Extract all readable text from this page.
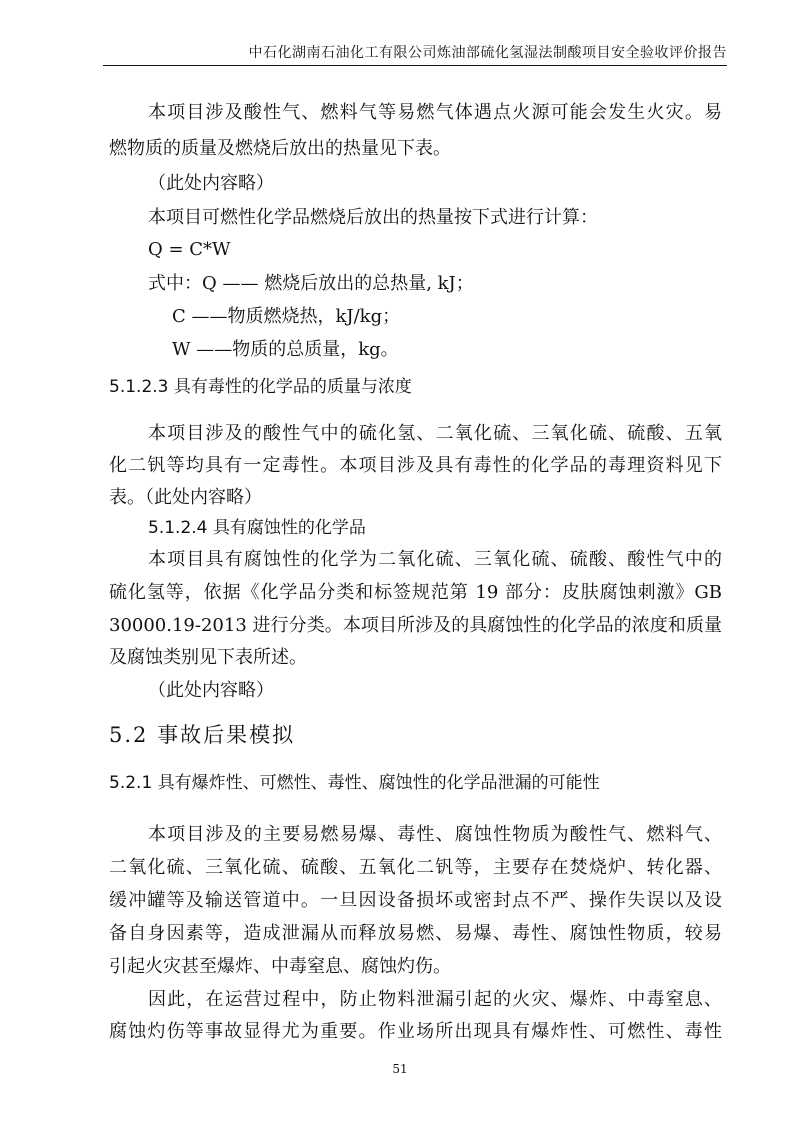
中石化湖南石油化工有限公司炼油部硫化氢湿法制酸项目安全验收评价报告
本项目涉及酸性气、燃料气等易燃气体遇点火源可能会发生火灾。易
燃物质的质量及燃烧后放出的热量见下表。
（此处内容略）
本项目可燃性化学品燃烧后放出的热量按下式进行计算：
Q = C*W
式中：Q —— 燃烧后放出的总热量, kJ；
C ——物质燃烧热，kJ/kg；
W ——物质的总质量，kg。
5.1.2.3 具有毒性的化学品的质量与浓度
本项目涉及的酸性气中的硫化氢、二氧化硫、三氧化硫、硫酸、五氧
化二钒等均具有一定毒性。本项目涉及具有毒性的化学品的毒理资料见下
表。（此处内容略）
5.1.2.4 具有腐蚀性的化学品
本项目具有腐蚀性的化学为二氧化硫、三氧化硫、硫酸、酸性气中的
硫化氢等，依据《化学品分类和标签规范第 19 部分：皮肤腐蚀刺激》GB
30000.19-2013 进行分类。本项目所涉及的具腐蚀性的化学品的浓度和质量
及腐蚀类别见下表所述。
（此处内容略）
5.2 事故后果模拟
5.2.1 具有爆炸性、可燃性、毒性、腐蚀性的化学品泄漏的可能性
本项目涉及的主要易燃易爆、毒性、腐蚀性物质为酸性气、燃料气、
二氧化硫、三氧化硫、硫酸、五氧化二钒等，主要存在焚烧炉、转化器、
缓冲罐等及输送管道中。一旦因设备损坏或密封点不严、操作失误以及设
备自身因素等，造成泄漏从而释放易燃、易爆、毒性、腐蚀性物质，较易
引起火灾甚至爆炸、中毒窒息、腐蚀灼伤。
因此，在运营过程中，防止物料泄漏引起的火灾、爆炸、中毒窒息、
腐蚀灼伤等事故显得尤为重要。作业场所出现具有爆炸性、可燃性、毒性
51
